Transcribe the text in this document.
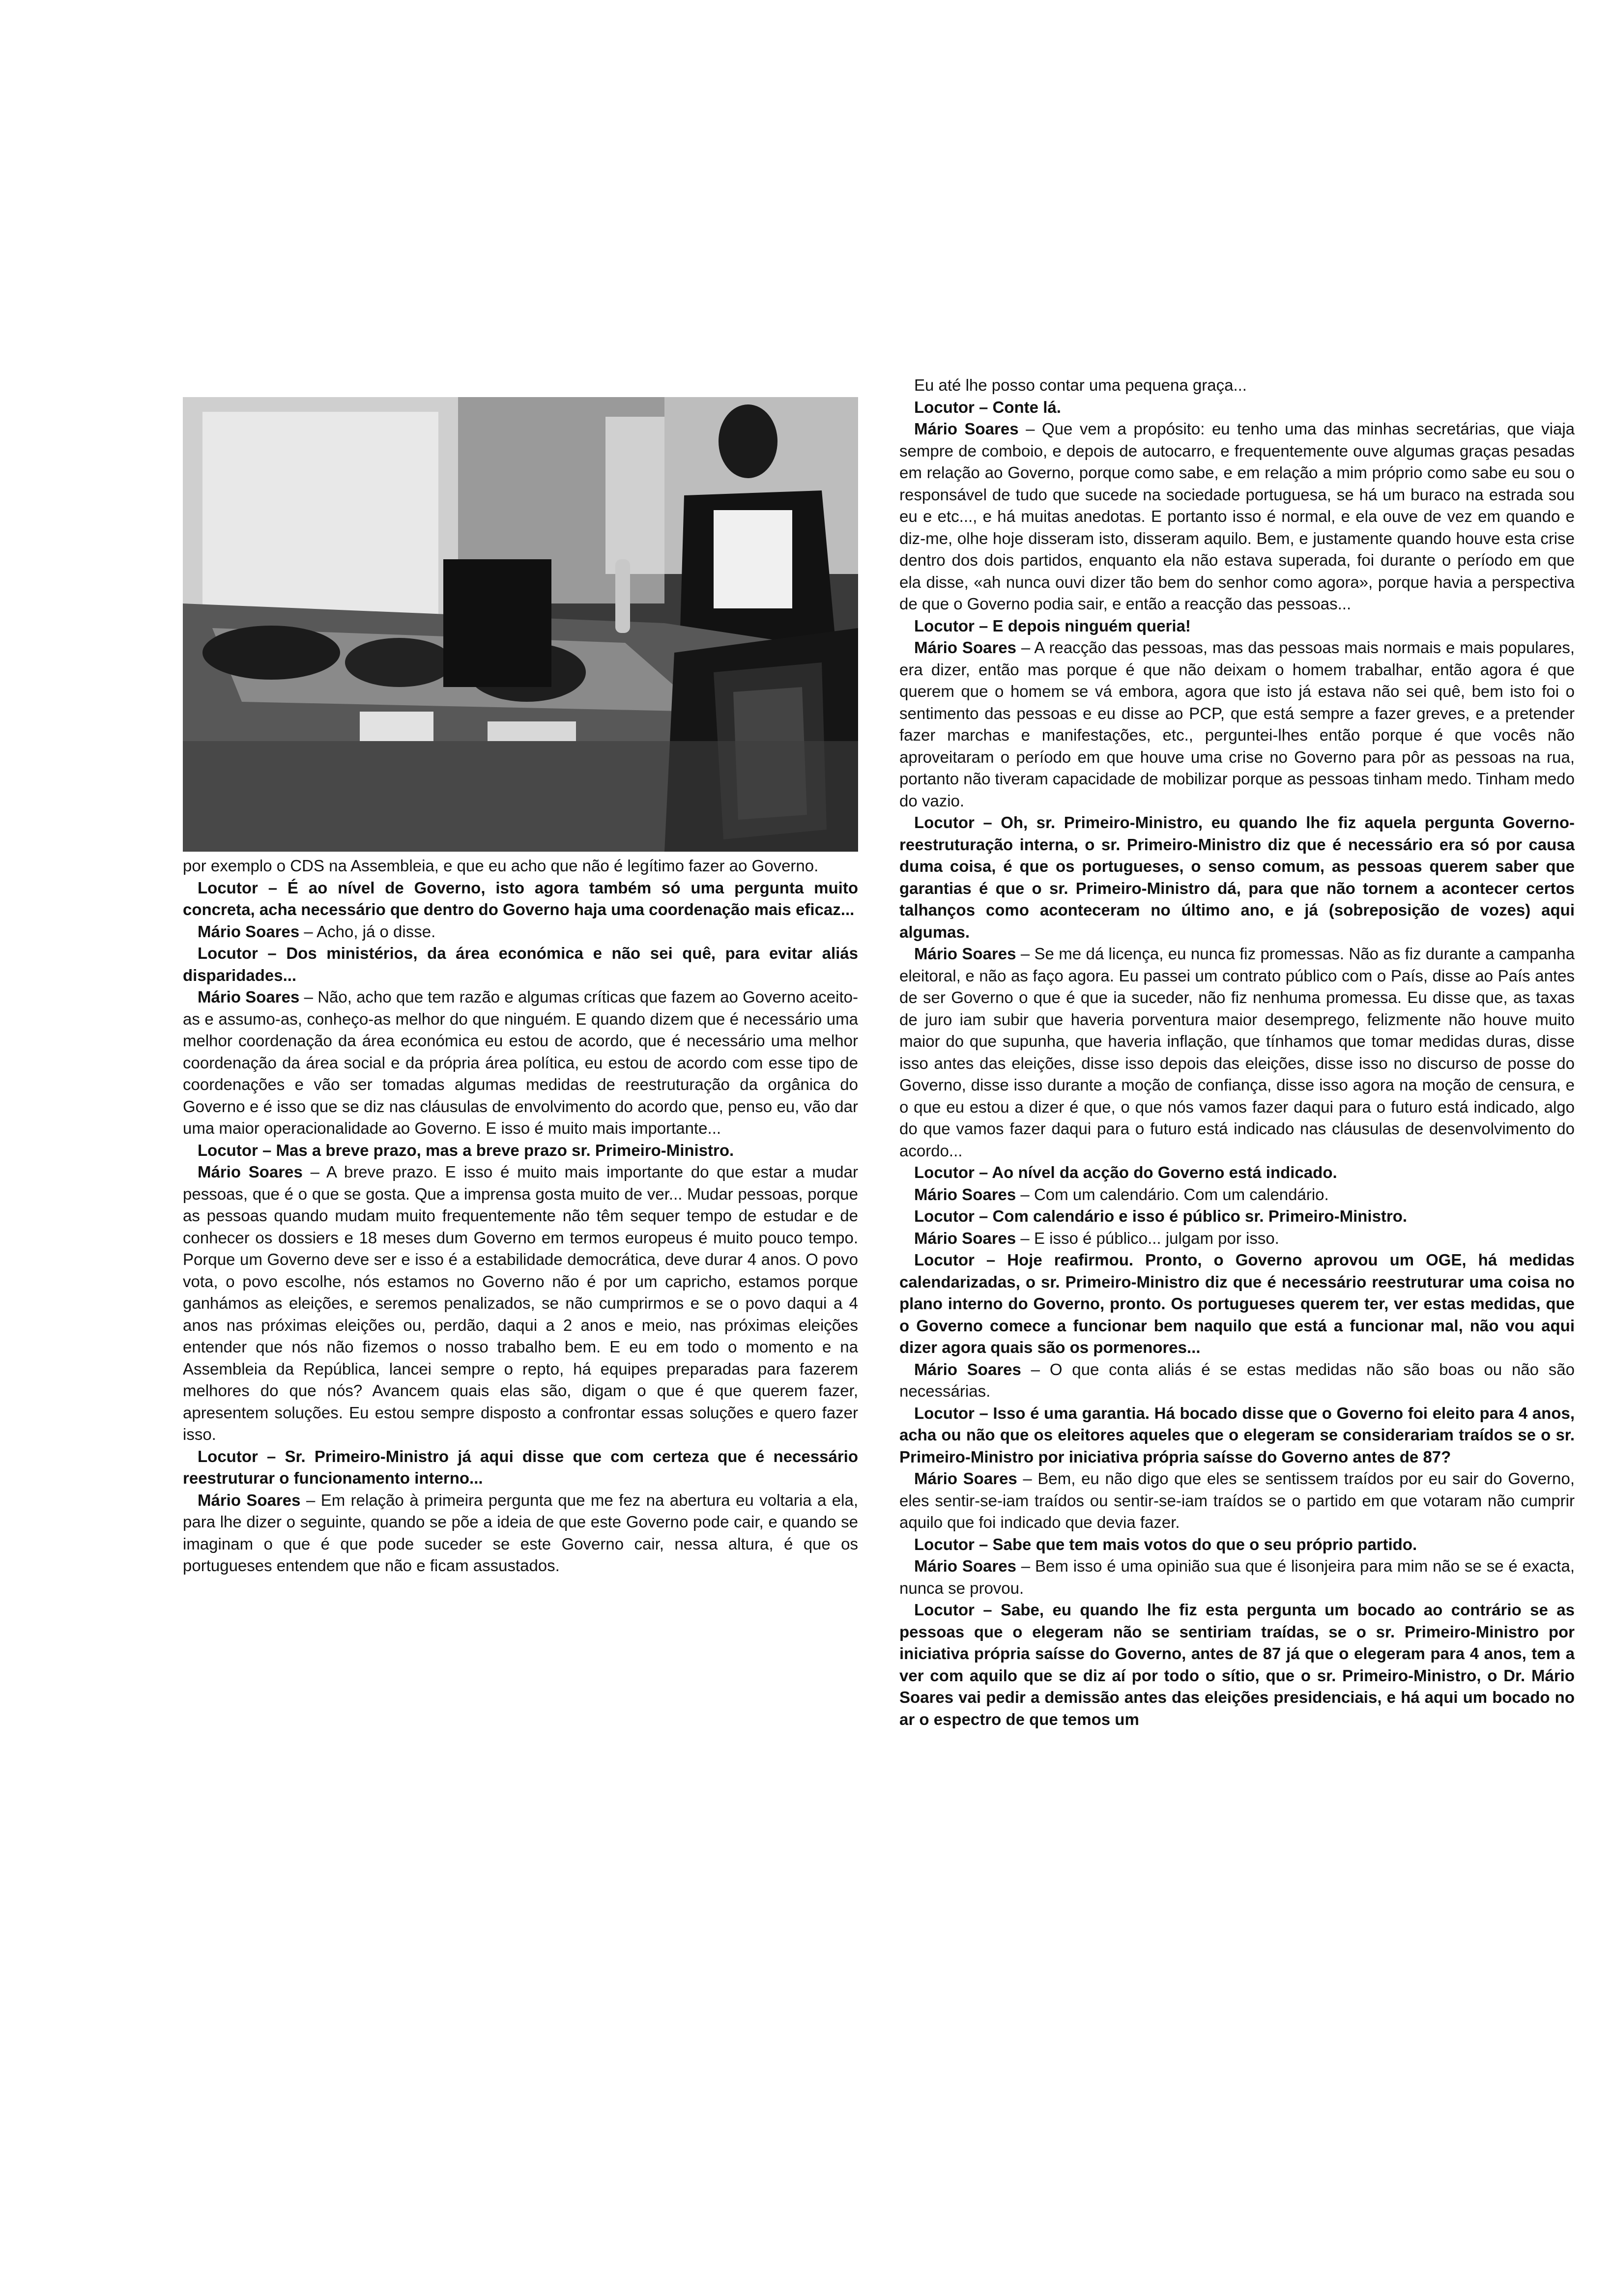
por exemplo o CDS na Assembleia, e que eu acho que não é legítimo fazer ao Governo.

Locutor – É ao nível de Governo, isto agora também só uma pergunta muito concreta, acha necessário que dentro do Governo haja uma coordenação mais eficaz...

Mário Soares – Acho, já o disse.

Locutor – Dos ministérios, da área económica e não sei quê, para evitar aliás disparidades...

Mário Soares – Não, acho que tem razão e algumas críticas que fazem ao Governo aceito-as e assumo-as, conheço-as melhor do que ninguém. E quando dizem que é necessário uma melhor coordenação da área económica eu estou de acordo, que é necessário uma melhor coordenação da área social e da própria área política, eu estou de acordo com esse tipo de coordenações e vão ser tomadas algumas medidas de reestruturação da orgânica do Governo e é isso que se diz nas cláusulas de envolvimento do acordo que, penso eu, vão dar uma maior operacionalidade ao Governo. E isso é muito mais importante...

Locutor – Mas a breve prazo, mas a breve prazo sr. Primeiro-Ministro.

Mário Soares – A breve prazo. E isso é muito mais importante do que estar a mudar pessoas, que é o que se gosta. Que a imprensa gosta muito de ver... Mudar pessoas, porque as pessoas quando mudam muito frequentemente não têm sequer tempo de estudar e de conhecer os dossiers e 18 meses dum Governo em termos europeus é muito pouco tempo. Porque um Governo deve ser e isso é a estabilidade democrática, deve durar 4 anos. O povo vota, o povo escolhe, nós estamos no Governo não é por um capricho, estamos porque ganhámos as eleições, e seremos penalizados, se não cumprirmos e se o povo daqui a 4 anos nas próximas eleições ou, perdão, daqui a 2 anos e meio, nas próximas eleições entender que nós não fizemos o nosso trabalho bem. E eu em todo o momento e na Assembleia da República, lancei sempre o repto, há equipes preparadas para fazerem melhores do que nós? Avancem quais elas são, digam o que é que querem fazer, apresentem soluções. Eu estou sempre disposto a confrontar essas soluções e quero fazer isso.

Locutor – Sr. Primeiro-Ministro já aqui disse que com certeza que é necessário reestruturar o funcionamento interno...

Mário Soares – Em relação à primeira pergunta que me fez na abertura eu voltaria a ela, para lhe dizer o seguinte, quando se põe a ideia de que este Governo pode cair, e quando se imaginam o que é que pode suceder se este Governo cair, nessa altura, é que os portugueses entendem que não e ficam assustados.

Eu até lhe posso contar uma pequena graça...

Locutor – Conte lá.

Mário Soares – Que vem a propósito: eu tenho uma das minhas secretárias, que viaja sempre de comboio, e depois de autocarro, e frequentemente ouve algumas graças pesadas em relação ao Governo, porque como sabe, e em relação a mim próprio como sabe eu sou o responsável de tudo que sucede na sociedade portuguesa, se há um buraco na estrada sou eu e etc..., e há muitas anedotas. E portanto isso é normal, e ela ouve de vez em quando e diz-me, olhe hoje disseram isto, disseram aquilo. Bem, e justamente quando houve esta crise dentro dos dois partidos, enquanto ela não estava superada, foi durante o período em que ela disse, «ah nunca ouvi dizer tão bem do senhor como agora», porque havia a perspectiva de que o Governo podia sair, e então a reacção das pessoas...

Locutor – E depois ninguém queria!

Mário Soares – A reacção das pessoas, mas das pessoas mais normais e mais populares, era dizer, então mas porque é que não deixam o homem trabalhar, então agora é que querem que o homem se vá embora, agora que isto já estava não sei quê, bem isto foi o sentimento das pessoas e eu disse ao PCP, que está sempre a fazer greves, e a pretender fazer marchas e manifestações, etc., perguntei-lhes então porque é que vocês não aproveitaram o período em que houve uma crise no Governo para pôr as pessoas na rua, portanto não tiveram capacidade de mobilizar porque as pessoas tinham medo. Tinham medo do vazio.

Locutor – Oh, sr. Primeiro-Ministro, eu quando lhe fiz aquela pergunta Governo-reestruturação interna, o sr. Primeiro-Ministro diz que é necessário era só por causa duma coisa, é que os portugueses, o senso comum, as pessoas querem saber que garantias é que o sr. Primeiro-Ministro dá, para que não tornem a acontecer certos talhanços como aconteceram no último ano, e já (sobreposição de vozes) aqui algumas.

Mário Soares – Se me dá licença, eu nunca fiz promessas. Não as fiz durante a campanha eleitoral, e não as faço agora. Eu passei um contrato público com o País, disse ao País antes de ser Governo o que é que ia suceder, não fiz nenhuma promessa. Eu disse que, as taxas de juro iam subir que haveria porventura maior desemprego, felizmente não houve muito maior do que supunha, que haveria inflação, que tínhamos que tomar medidas duras, disse isso antes das eleições, disse isso depois das eleições, disse isso no discurso de posse do Governo, disse isso durante a moção de confiança, disse isso agora na moção de censura, e o que eu estou a dizer é que, o que nós vamos fazer daqui para o futuro está indicado, algo do que vamos fazer daqui para o futuro está indicado nas cláusulas de desenvolvimento do acordo...

Locutor – Ao nível da acção do Governo está indicado.

Mário Soares – Com um calendário. Com um calendário.

Locutor – Com calendário e isso é público sr. Primeiro-Ministro.

Mário Soares – E isso é público... julgam por isso.

Locutor – Hoje reafirmou. Pronto, o Governo aprovou um OGE, há medidas calendarizadas, o sr. Primeiro-Ministro diz que é necessário reestruturar uma coisa no plano interno do Governo, pronto. Os portugueses querem ter, ver estas medidas, que o Governo comece a funcionar bem naquilo que está a funcionar mal, não vou aqui dizer agora quais são os pormenores...

Mário Soares – O que conta aliás é se estas medidas não são boas ou não são necessárias.

Locutor – Isso é uma garantia. Há bocado disse que o Governo foi eleito para 4 anos, acha ou não que os eleitores aqueles que o elegeram se considerariam traídos se o sr. Primeiro-Ministro por iniciativa própria saísse do Governo antes de 87?

Mário Soares – Bem, eu não digo que eles se sentissem traídos por eu sair do Governo, eles sentir-se-iam traídos ou sentir-se-iam traídos se o partido em que votaram não cumprir aquilo que foi indicado que devia fazer.

Locutor – Sabe que tem mais votos do que o seu próprio partido.

Mário Soares – Bem isso é uma opinião sua que é lisonjeira para mim não se se é exacta, nunca se provou.

Locutor – Sabe, eu quando lhe fiz esta pergunta um bocado ao contrário se as pessoas que o elegeram não se sentiriam traídas, se o sr. Primeiro-Ministro por iniciativa própria saísse do Governo, antes de 87 já que o elegeram para 4 anos, tem a ver com aquilo que se diz aí por todo o sítio, que o sr. Primeiro-Ministro, o Dr. Mário Soares vai pedir a demissão antes das eleições presidenciais, e há aqui um bocado no ar o espectro de que temos um
